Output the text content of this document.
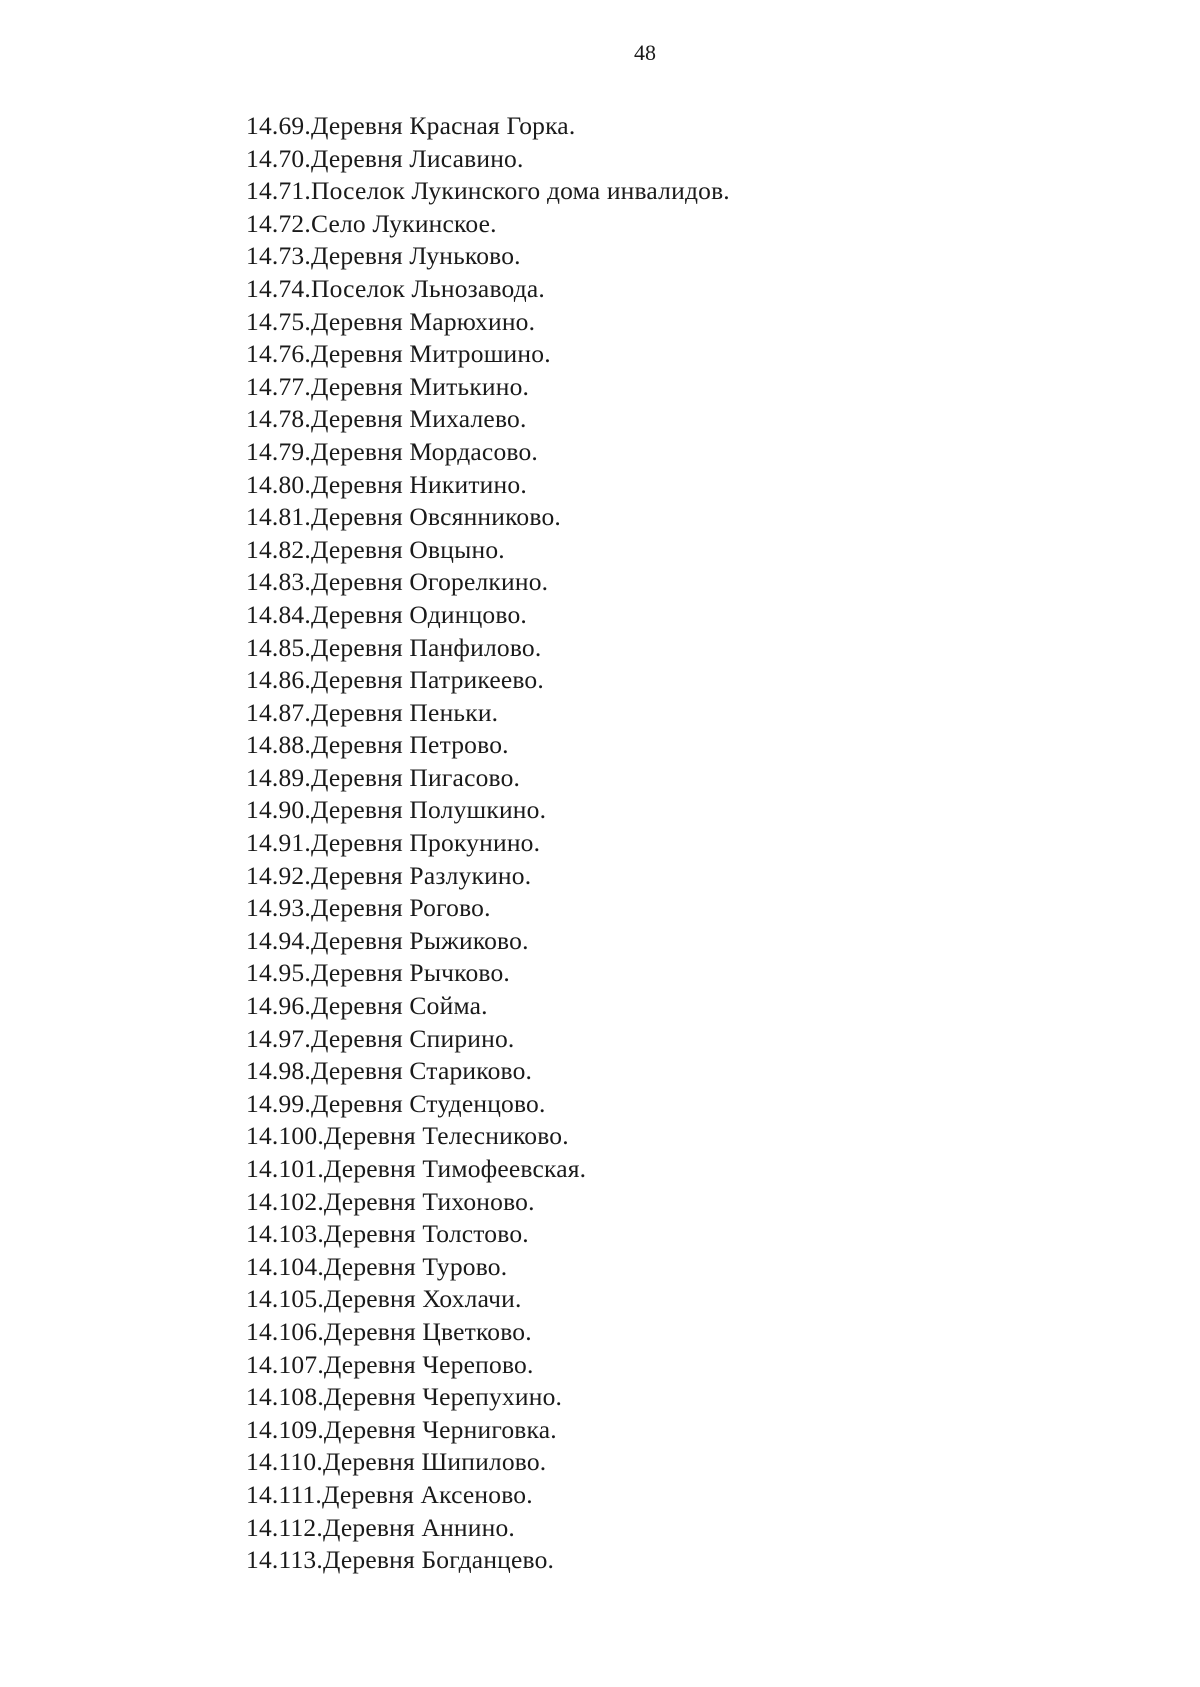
48
14.69.Деревня Красная Горка.
14.70.Деревня Лисавино.
14.71.Поселок Лукинского дома инвалидов.
14.72.Село Лукинское.
14.73.Деревня Луньково.
14.74.Поселок Льнозавода.
14.75.Деревня Марюхино.
14.76.Деревня Митрошино.
14.77.Деревня Митькино.
14.78.Деревня Михалево.
14.79.Деревня Мордасово.
14.80.Деревня Никитино.
14.81.Деревня Овсянниково.
14.82.Деревня Овцыно.
14.83.Деревня Огорелкино.
14.84.Деревня Одинцово.
14.85.Деревня Панфилово.
14.86.Деревня Патрикеево.
14.87.Деревня Пеньки.
14.88.Деревня Петрово.
14.89.Деревня Пигасово.
14.90.Деревня Полушкино.
14.91.Деревня Прокунино.
14.92.Деревня Разлукино.
14.93.Деревня Рогово.
14.94.Деревня Рыжиково.
14.95.Деревня Рычково.
14.96.Деревня Сойма.
14.97.Деревня Спирино.
14.98.Деревня Стариково.
14.99.Деревня Студенцово.
14.100.Деревня Телесниково.
14.101.Деревня Тимофеевская.
14.102.Деревня Тихоново.
14.103.Деревня Толстово.
14.104.Деревня Турово.
14.105.Деревня Хохлачи.
14.106.Деревня Цветково.
14.107.Деревня Черепово.
14.108.Деревня Черепухино.
14.109.Деревня Черниговка.
14.110.Деревня Шипилово.
14.111.Деревня Аксеново.
14.112.Деревня Аннино.
14.113.Деревня Богданцево.
